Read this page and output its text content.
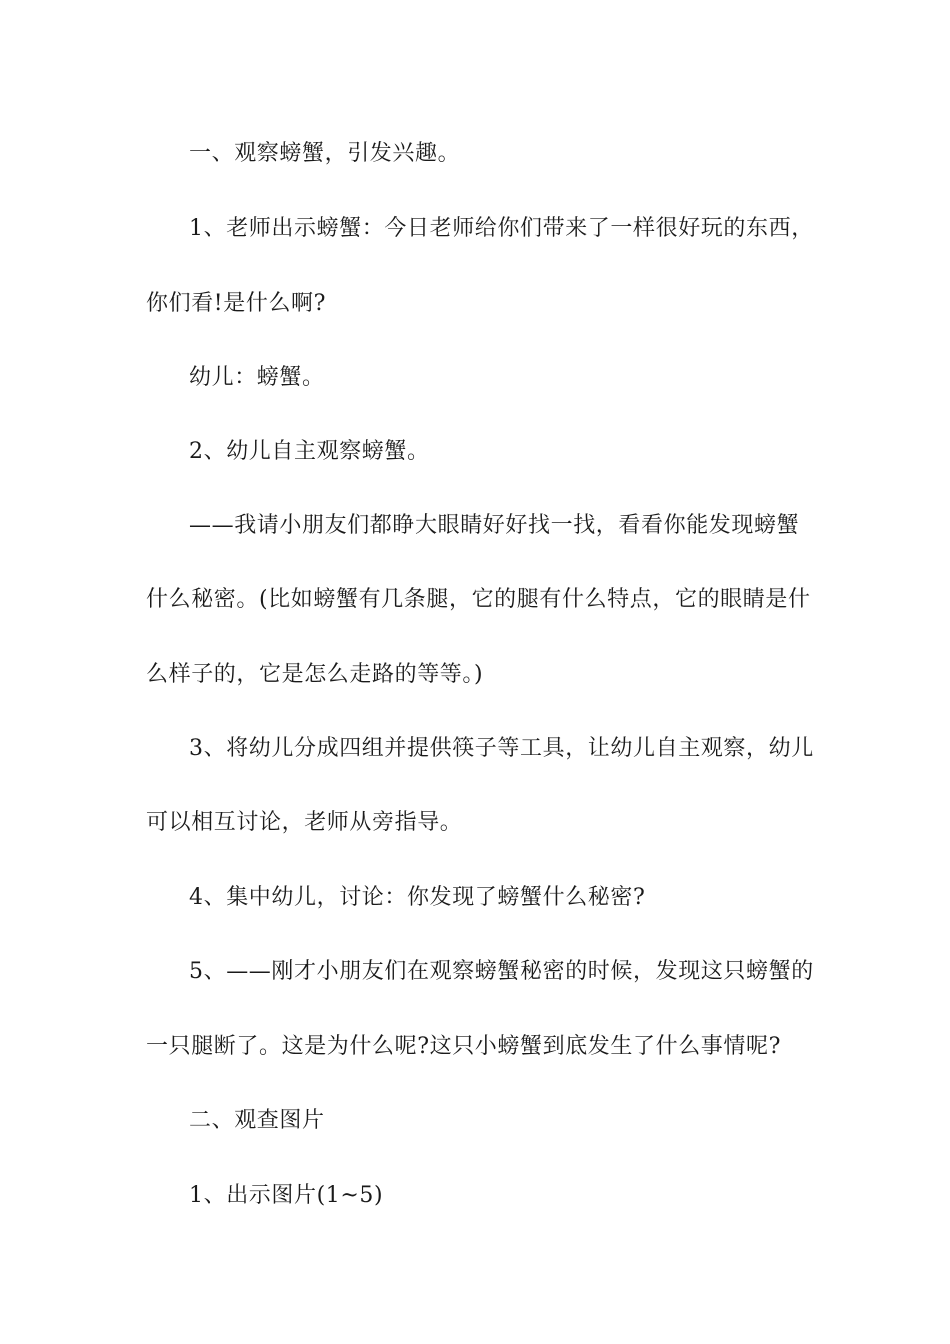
一、观察螃蟹，引发兴趣。
1、老师出示螃蟹：今日老师给你们带来了一样很好玩的东西，
你们看!是什么啊?
幼儿：螃蟹。
2、幼儿自主观察螃蟹。
——我请小朋友们都睁大眼睛好好找一找，看看你能发现螃蟹
什么秘密。(比如螃蟹有几条腿，它的腿有什么特点，它的眼睛是什
么样子的，它是怎么走路的等等。)
3、将幼儿分成四组并提供筷子等工具，让幼儿自主观察，幼儿
可以相互讨论，老师从旁指导。
4、集中幼儿，讨论：你发现了螃蟹什么秘密?
5、——刚才小朋友们在观察螃蟹秘密的时候，发现这只螃蟹的
一只腿断了。这是为什么呢?这只小螃蟹到底发生了什么事情呢?
二、观查图片
1、出示图片(1~5)
